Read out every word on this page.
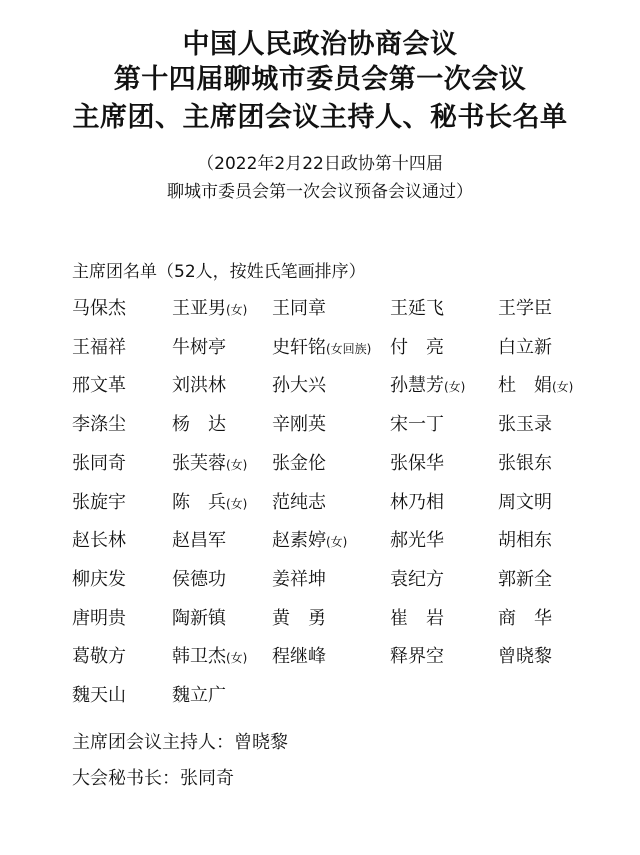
中国人民政治协商会议
第十四届聊城市委员会第一次会议
主席团、主席团会议主持人、秘书长名单
（2022年2月22日政协第十四届
聊城市委员会第一次会议预备会议通过）
主席团名单（52人，按姓氏笔画排序）
马保杰	王亚男(女) 王同章	王延飞	王学臣
王福祥	牛树亭	史轩铭(女回族) 付　亮	白立新
邢文革	刘洪林	孙大兴	孙慧芳(女) 杜　娟(女)
李涤尘	杨　达	辛刚英	宋一丁	张玉录
张同奇	张芙蓉(女) 张金伦	张保华	张银东
张旋宇	陈　兵(女) 范纯志	林乃相	周文明
赵长林	赵昌军	赵素婷(女) 郝光华	胡相东
柳庆发	侯德功	姜祥坤	袁纪方	郭新全
唐明贵	陶新镇	黄　勇	崔　岩	商　华
葛敬方	韩卫杰(女) 程继峰	释界空	曾晓黎
魏天山	魏立广
主席团会议主持人：曾晓黎
大会秘书长：张同奇
